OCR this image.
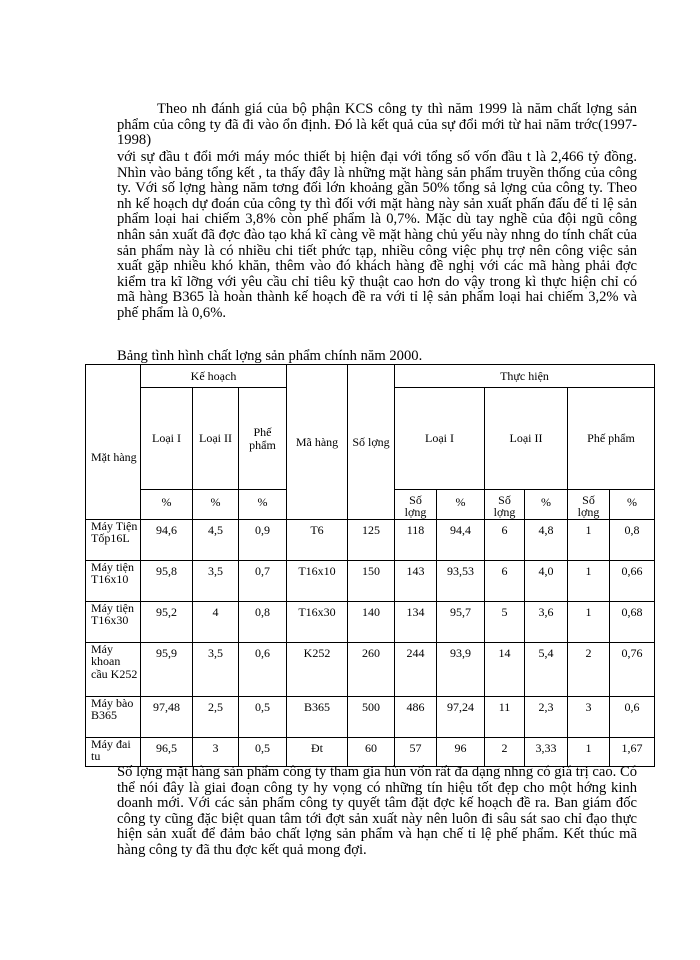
Theo nh đánh giá của bộ phận KCS công ty thì năm 1999 là năm chất lợng sản phẩm của công ty đã đi vào ổn định. Đó là kết quả của sự đổi mới từ hai năm trớc(1997-1998)

với sự đầu t đổi mới máy móc thiết bị hiện đại với tổng số vốn đầu t là 2,466 tỷ đồng. Nhìn vào bảng tổng kết , ta thấy đây là những mặt hàng sản phẩm truyền thống của công ty. Với số lợng hàng năm tơng đối lớn khoảng gần 50% tổng sả lợng của công ty. Theo nh kế hoạch dự đoán của công ty thì đối với mặt hàng này sản xuất phấn đấu để tỉ lệ sản phẩm loại hai chiếm 3,8% còn phế phẩm là 0,7%. Mặc dù tay nghề của đội ngũ công nhân sản xuất đã đợc đào tạo khá kĩ càng về mặt hàng chủ yếu này nhng do tính chất của sản phẩm này là có nhiều chi tiết phức tạp, nhiều công việc phụ trợ nên công việc sản xuất gặp nhiều khó khăn, thêm vào đó khách hàng đề nghị với các mã hàng phải đợc kiểm tra kĩ lỡng với yêu cầu chỉ tiêu kỹ thuật cao hơn do vậy trong kì thực hiện chỉ có mã hàng B365 là hoàn thành kế hoạch đề ra với tỉ lệ sản phẩm loại hai chiếm 3,2% và phế phẩm là 0,6%.

Bảng tình hình chất lợng sản phẩm chính năm 2000.

Mặt hàng	Kế hoạch			Mã hàng	Số lợng	Thực hiện					
	Loại I	Loại II	Phế phẩm			Loại I		Loại II		Phế phẩm	
	%	%	%			Số lợng	%	Số lợng	%	Số lợng	%
Máy Tiện Tốp16L	94,6	4,5	0,9	T6	125	118	94,4	6	4,8	1	0,8
Máy tiện T16x10	95,8	3,5	0,7	T16x10	150	143	93,53	6	4,0	1	0,66
Máy tiện T16x30	95,2	4	0,8	T16x30	140	134	95,7	5	3,6	1	0,68
Máy khoan cầu K252	95,9	3,5	0,6	K252	260	244	93,9	14	5,4	2	0,76
Máy bào B365	97,48	2,5	0,5	B365	500	486	97,24	11	2,3	3	0,6
Máy đai tu	96,5	3	0,5	Đt	60	57	96	2	3,33	1	1,67

Số lợng mặt hàng sản phẩm công ty tham gia hùn vốn rất đa dạng nhng có giá trị cao. Có thể nói đây là giai đoạn công ty hy vọng có những tín hiệu tốt đẹp cho một hớng kinh doanh mới. Với các sản phẩm công ty quyết tâm đặt đợc kế hoạch đề ra. Ban giám đốc công ty cũng đặc biệt quan tâm tới đợt sản xuất này nên luôn đi sâu sát sao chỉ đạo thực hiện sản xuất để đảm bảo chất lợng sản phẩm và hạn chế tỉ lệ phế phẩm. Kết thúc mã hàng công ty đã thu đợc kết quả mong đợi.
